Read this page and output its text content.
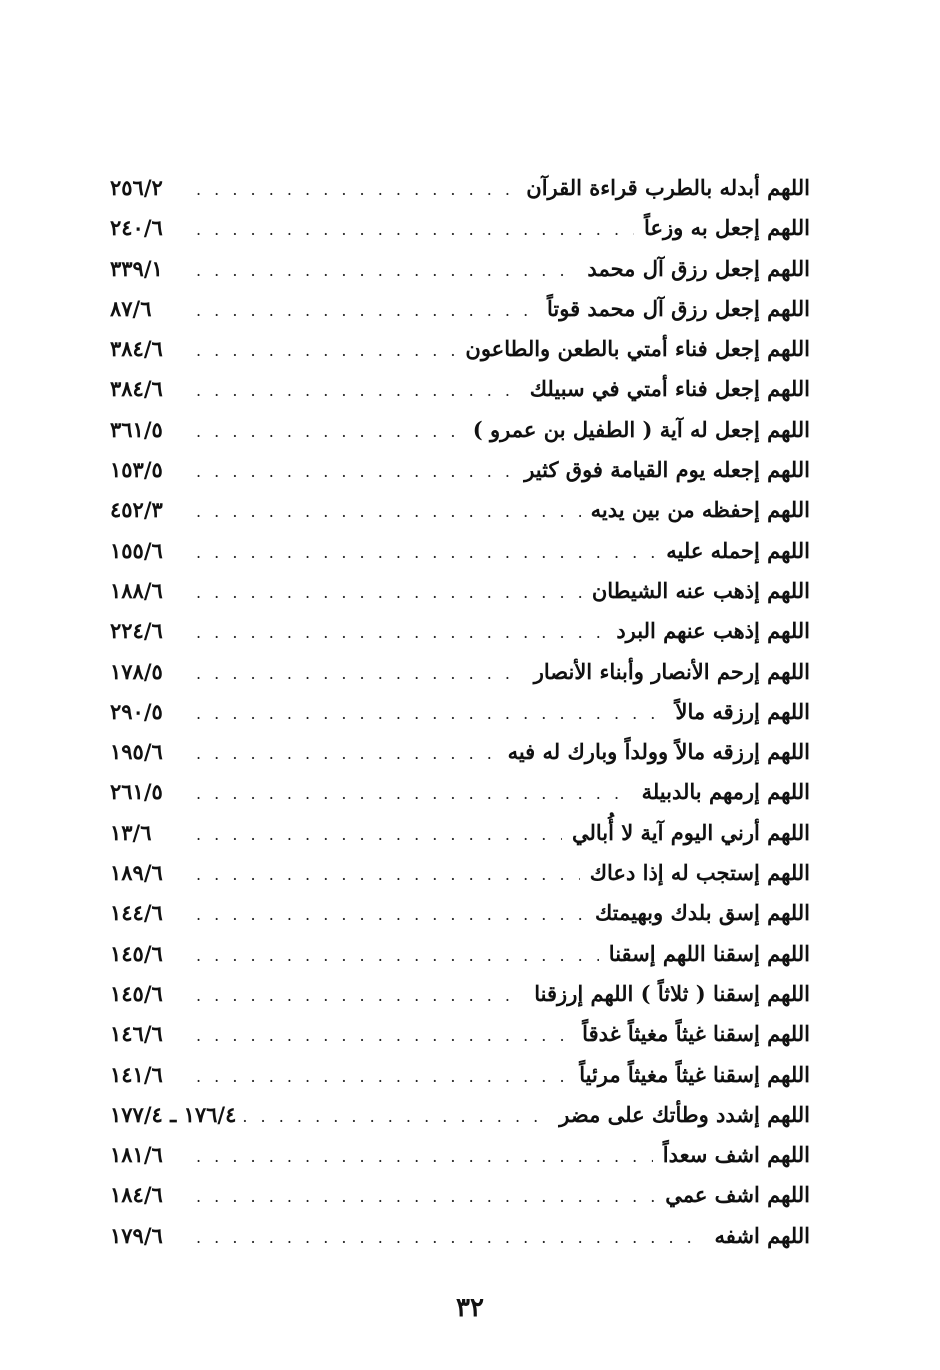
اللهم أبدله بالطرب قراءة القرآن
. . .
٢٥٦/٢
اللهم إجعل به وزعاً
. . .
٢٤٠/٦
اللهم إجعل رزق آل محمد
. . .
٣٣٩/١
اللهم إجعل رزق آل محمد قوتاً
. . .
٨٧/٦
اللهم إجعل فناء أمتي بالطعن والطاعون
. . .
٣٨٤/٦
اللهم إجعل فناء أمتي في سبيلك
. . .
٣٨٤/٦
اللهم إجعل له آية ( الطفيل بن عمرو )
. . .
٣٦١/٥
اللهم إجعله يوم القيامة فوق كثير
. . .
١٥٣/٥
اللهم إحفظه من بين يديه
. . .
٤٥٢/٣
اللهم إحمله عليه
. . .
١٥٥/٦
اللهم إذهب عنه الشيطان
. . .
١٨٨/٦
اللهم إذهب عنهم البرد
. . .
٢٢٤/٦
اللهم إرحم الأنصار وأبناء الأنصار
. . .
١٧٨/٥
اللهم إرزقه مالاً
. . .
٢٩٠/٥
اللهم إرزقه مالاً وولداً وبارك له فيه
. . .
١٩٥/٦
اللهم إرمهم بالدبيلة
. . .
٢٦١/٥
اللهم أرني اليوم آية لا أُبالي
. . .
١٣/٦
اللهم إستجب له إذا دعاك
. . .
١٨٩/٦
اللهم إسق بلدك وبهيمتك
. . .
١٤٤/٦
اللهم إسقنا اللهم إسقنا
. . .
١٤٥/٦
اللهم إسقنا ( ثلاثاً ) اللهم إرزقنا
. . .
١٤٥/٦
اللهم إسقنا غيثاً مغيثاً غدقاً
. . .
١٤٦/٦
اللهم إسقنا غيثاً مغيثاً مرئياً
. . .
١٤١/٦
اللهم إشدد وطأتك على مضر
. . .
١٧٦/٤ ـ ١٧٧/٤
اللهم اشف سعداً
. . .
١٨١/٦
اللهم اشف عمي
. . .
١٨٤/٦
اللهم اشفه
. . .
١٧٩/٦
٣٢
